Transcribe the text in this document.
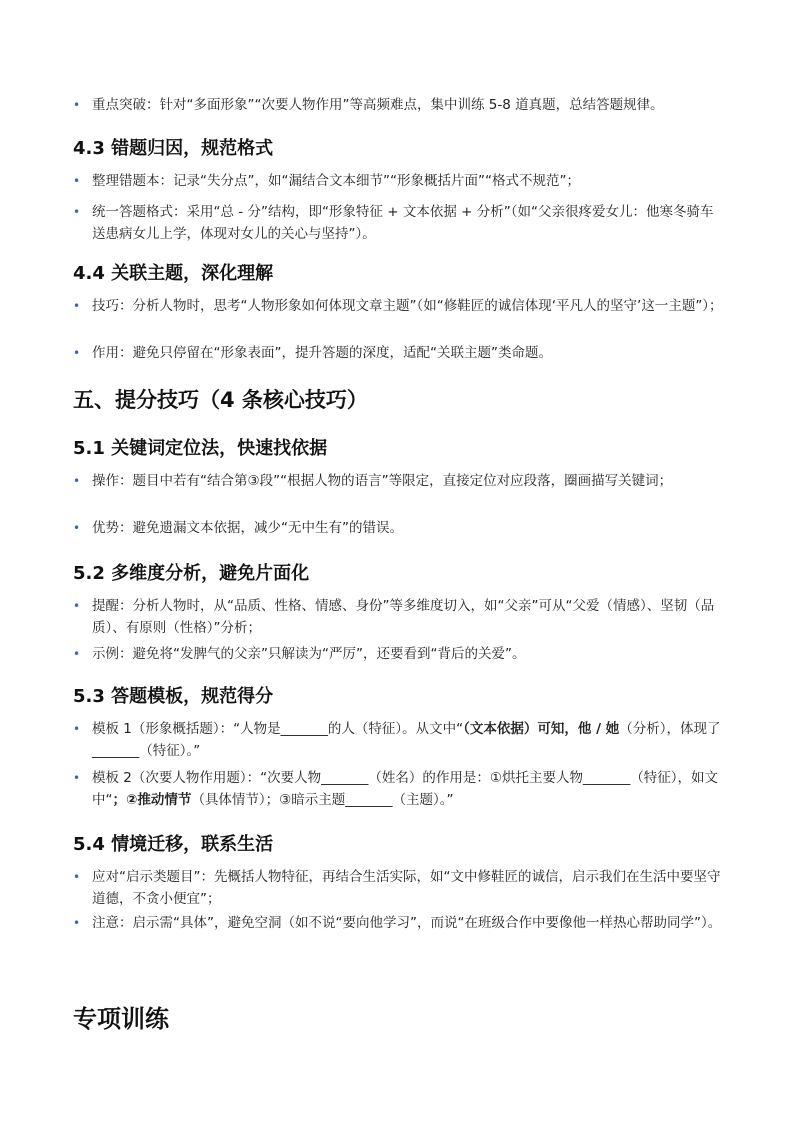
• 重点突破：针对“多面形象”“次要人物作用”等高频难点，集中训练 5-8 道真题，总结答题规律。
4.3 错题归因，规范格式
• 整理错题本：记录“失分点”，如“漏结合文本细节”“形象概括片面”“格式不规范”；
• 统一答题格式：采用“总 - 分”结构，即“形象特征 + 文本依据 + 分析”（如“父亲很疼爱女儿：他寒冬骑车送患病女儿上学，体现对女儿的关心与坚持”）。
4.4 关联主题，深化理解
• 技巧：分析人物时，思考“人物形象如何体现文章主题”（如“修鞋匠的诚信体现‘平凡人的坚守’这一主题”）；
• 作用：避免只停留在“形象表面”，提升答题的深度，适配“关联主题”类命题。
五、提分技巧（4 条核心技巧）
5.1 关键词定位法，快速找依据
• 操作：题目中若有“结合第③段”“根据人物的语言”等限定，直接定位对应段落，圈画描写关键词；
• 优势：避免遗漏文本依据，减少“无中生有”的错误。
5.2 多维度分析，避免片面化
• 提醒：分析人物时，从“品质、性格、情感、身份”等多维度切入，如“父亲”可从“父爱（情感）、坚韧（品质）、有原则（性格）”分析；
• 示例：避免将“发脾气的父亲”只解读为“严厉”，还要看到“背后的关爱”。
5.3 答题模板，规范得分
• 模板 1（形象概括题）：“人物是_______的人（特征）。从文中“（文本依据）可知，他 / 她（分析），体现了_______（特征）。”
• 模板 2（次要人物作用题）：“次要人物_______（姓名）的作用是：①烘托主要人物_______（特征），如文中“；②推动情节（具体情节）；③暗示主题_______（主题）。”
5.4 情境迁移，联系生活
• 应对“启示类题目”：先概括人物特征，再结合生活实际，如“文中修鞋匠的诚信，启示我们在生活中要坚守道德，不贪小便宜”；
• 注意：启示需“具体”，避免空洞（如不说“要向他学习”，而说“在班级合作中要像他一样热心帮助同学”）。
专项训练
